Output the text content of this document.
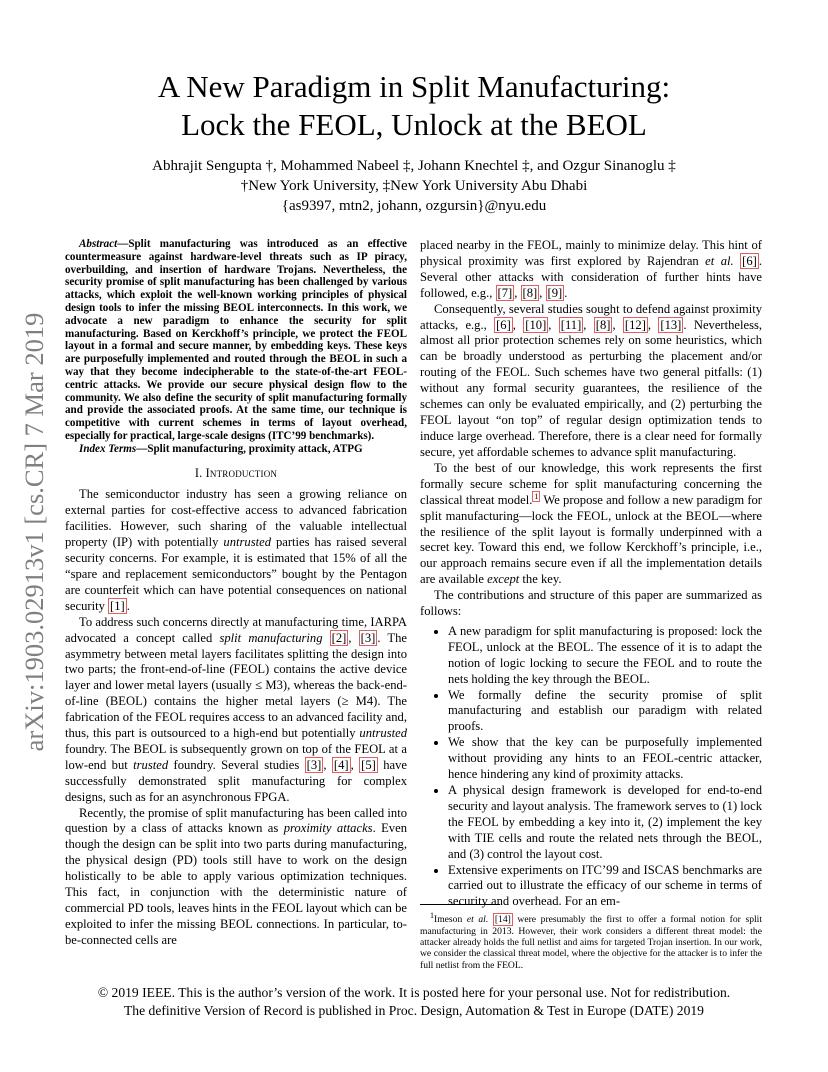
arXiv:1903.02913v1 [cs.CR] 7 Mar 2019
A New Paradigm in Split Manufacturing:
Lock the FEOL, Unlock at the BEOL
Abhrajit Sengupta †, Mohammed Nabeel ‡, Johann Knechtel ‡, and Ozgur Sinanoglu ‡
†New York University, ‡New York University Abu Dhabi
{as9397, mtn2, johann, ozgursin}@nyu.edu

Abstract—Split manufacturing was introduced as an effective countermeasure against hardware-level threats such as IP piracy, overbuilding, and insertion of hardware Trojans. Nevertheless, the security promise of split manufacturing has been challenged by various attacks, which exploit the well-known working principles of physical design tools to infer the missing BEOL interconnects. In this work, we advocate a new paradigm to enhance the security for split manufacturing. Based on Kerckhoff’s principle, we protect the FEOL layout in a formal and secure manner, by embedding keys. These keys are purposefully implemented and routed through the BEOL in such a way that they become indecipherable to the state-of-the-art FEOL-centric attacks. We provide our secure physical design flow to the community. We also define the security of split manufacturing formally and provide the associated proofs. At the same time, our technique is competitive with current schemes in terms of layout overhead, especially for practical, large-scale designs (ITC’99 benchmarks).

Index Terms—Split manufacturing, proximity attack, ATPG

I. Introduction

The semiconductor industry has seen a growing reliance on external parties for cost-effective access to advanced fabrication facilities. However, such sharing of the valuable intellectual property (IP) with potentially untrusted parties has raised several security concerns. For example, it is estimated that 15% of all the “spare and replacement semiconductors” bought by the Pentagon are counterfeit which can have potential consequences on national security [1] .

To address such concerns directly at manufacturing time, IARPA advocated a concept called split manufacturing [2] , [3] . The asymmetry between metal layers facilitates splitting the design into two parts; the front-end-of-line (FEOL) contains the active device layer and lower metal layers (usually ≤ M3), whereas the back-end-of-line (BEOL) contains the higher metal layers (≥ M4). The fabrication of the FEOL requires access to an advanced facility and, thus, this part is outsourced to a high-end but potentially untrusted foundry. The BEOL is subsequently grown on top of the FEOL at a low-end but trusted foundry. Several studies [3] , [4] , [5] have successfully demonstrated split manufacturing for complex designs, such as for an asynchronous FPGA.

Recently, the promise of split manufacturing has been called into question by a class of attacks known as proximity attacks. Even though the design can be split into two parts during manufacturing, the physical design (PD) tools still have to work on the design holistically to be able to apply various optimization techniques. This fact, in conjunction with the deterministic nature of commercial PD tools, leaves hints in the FEOL layout which can be exploited to infer the missing BEOL connections. In particular, to-be-connected cells are

placed nearby in the FEOL, mainly to minimize delay. This hint of physical proximity was first explored by Rajendran et al. [6] . Several other attacks with consideration of further hints have followed, e.g., [7] , [8] , [9] .

Consequently, several studies sought to defend against proximity attacks, e.g., [6] , [10] , [11] , [8] , [12] , [13] . Nevertheless, almost all prior protection schemes rely on some heuristics, which can be broadly understood as perturbing the placement and/or routing of the FEOL. Such schemes have two general pitfalls: (1) without any formal security guarantees, the resilience of the schemes can only be evaluated empirically, and (2) perturbing the FEOL layout “on top” of regular design optimization tends to induce large overhead. Therefore, there is a clear need for formally secure, yet affordable schemes to advance split manufacturing.

To the best of our knowledge, this work represents the first formally secure scheme for split manufacturing concerning the classical threat model. $^1$ We propose and follow a new paradigm for split manufacturing—lock the FEOL, unlock at the BEOL—where the resilience of the split layout is formally underpinned with a secret key. Toward this end, we follow Kerckhoff’s principle, i.e., our approach remains secure even if all the implementation details are available except the key.

The contributions and structure of this paper are summarized as follows:

• A new paradigm for split manufacturing is proposed: lock the FEOL, unlock at the BEOL. The essence of it is to adapt the notion of logic locking to secure the FEOL and to route the nets holding the key through the BEOL.
• We formally define the security promise of split manufacturing and establish our paradigm with related proofs.
• We show that the key can be purposefully implemented without providing any hints to an FEOL-centric attacker, hence hindering any kind of proximity attacks.
• A physical design framework is developed for end-to-end security and layout analysis. The framework serves to (1) lock the FEOL by embedding a key into it, (2) implement the key with TIE cells and route the related nets through the BEOL, and (3) control the layout cost.
• Extensive experiments on ITC’99 and ISCAS benchmarks are carried out to illustrate the efficacy of our scheme in terms of security and overhead. For an em-

$^1$Imeson et al. [14] were presumably the first to offer a formal notion for split manufacturing in 2013. However, their work considers a different threat model: the attacker already holds the full netlist and aims for targeted Trojan insertion. In our work, we consider the classical threat model, where the objective for the attacker is to infer the full netlist from the FEOL.

© 2019 IEEE. This is the author’s version of the work. It is posted here for your personal use. Not for redistribution.
The definitive Version of Record is published in Proc. Design, Automation & Test in Europe (DATE) 2019
